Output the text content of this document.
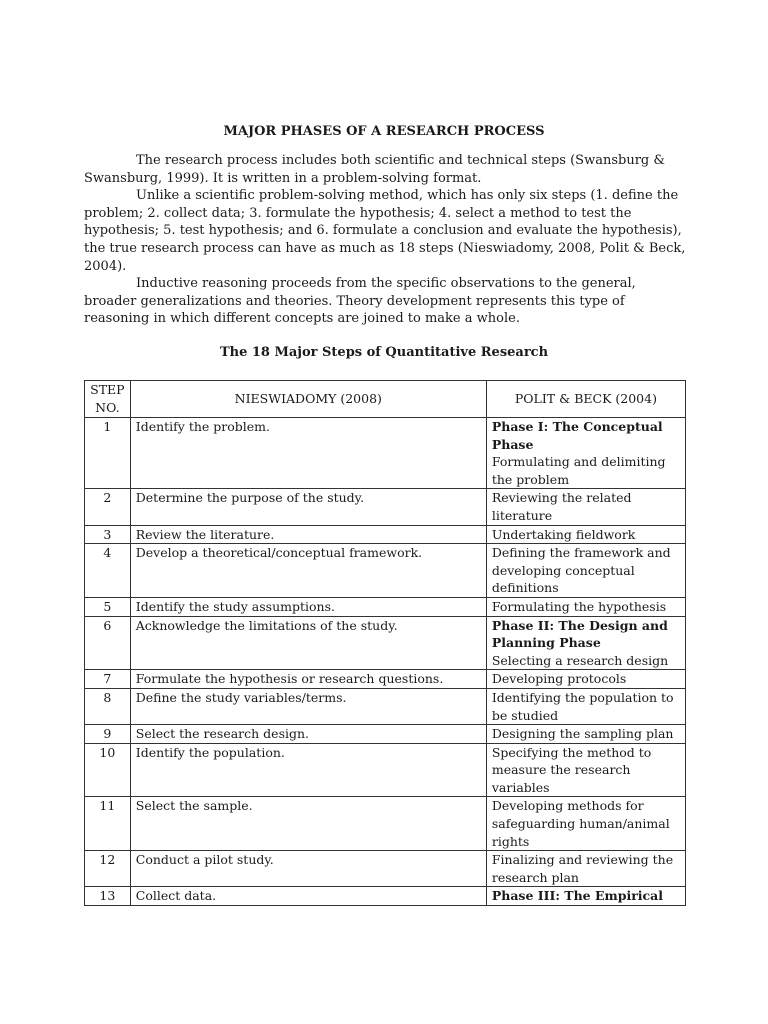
MAJOR PHASES OF A RESEARCH PROCESS

The research process includes both scientific and technical steps (Swansburg & Swansburg, 1999). It is written in a problem-solving format.

Unlike a scientific problem-solving method, which has only six steps (1. define the problem; 2. collect data; 3. formulate the hypothesis; 4. select a method to test the hypothesis; 5. test hypothesis; and 6. formulate a conclusion and evaluate the hypothesis), the true research process can have as much as 18 steps (Nieswiadomy, 2008, Polit & Beck, 2004).

Inductive reasoning proceeds from the specific observations to the general, broader generalizations and theories. Theory development represents this type of reasoning in which different concepts are joined to make a whole.

The 18 Major Steps of Quantitative Research
STEP NO.	NIESWIADOMY (2008)	POLIT & BECK (2004)
1	Identify the problem.	Phase I: The Conceptual Phase
Formulating and delimiting the problem

2	Determine the purpose of the study.	Reviewing the related literature

3	Review the literature.	Undertaking fieldwork

4	Develop a theoretical/conceptual framework.	Defining the framework and developing conceptual definitions

5	Identify the study assumptions.	Formulating the hypothesis

6	Acknowledge the limitations of the study.	Phase II: The Design and Planning Phase
Selecting a research design

7	Formulate the hypothesis or research questions.	Developing protocols

8	Define the study variables/terms.	Identifying the population to be studied

9	Select the research design.	Designing the sampling plan

10	Identify the population.	Specifying the method to measure the research variables

11	Select the sample.	Developing methods for safeguarding human/animal rights

12	Conduct a pilot study.	Finalizing and reviewing the research plan

13	Collect data.	Phase III: The Empirical
